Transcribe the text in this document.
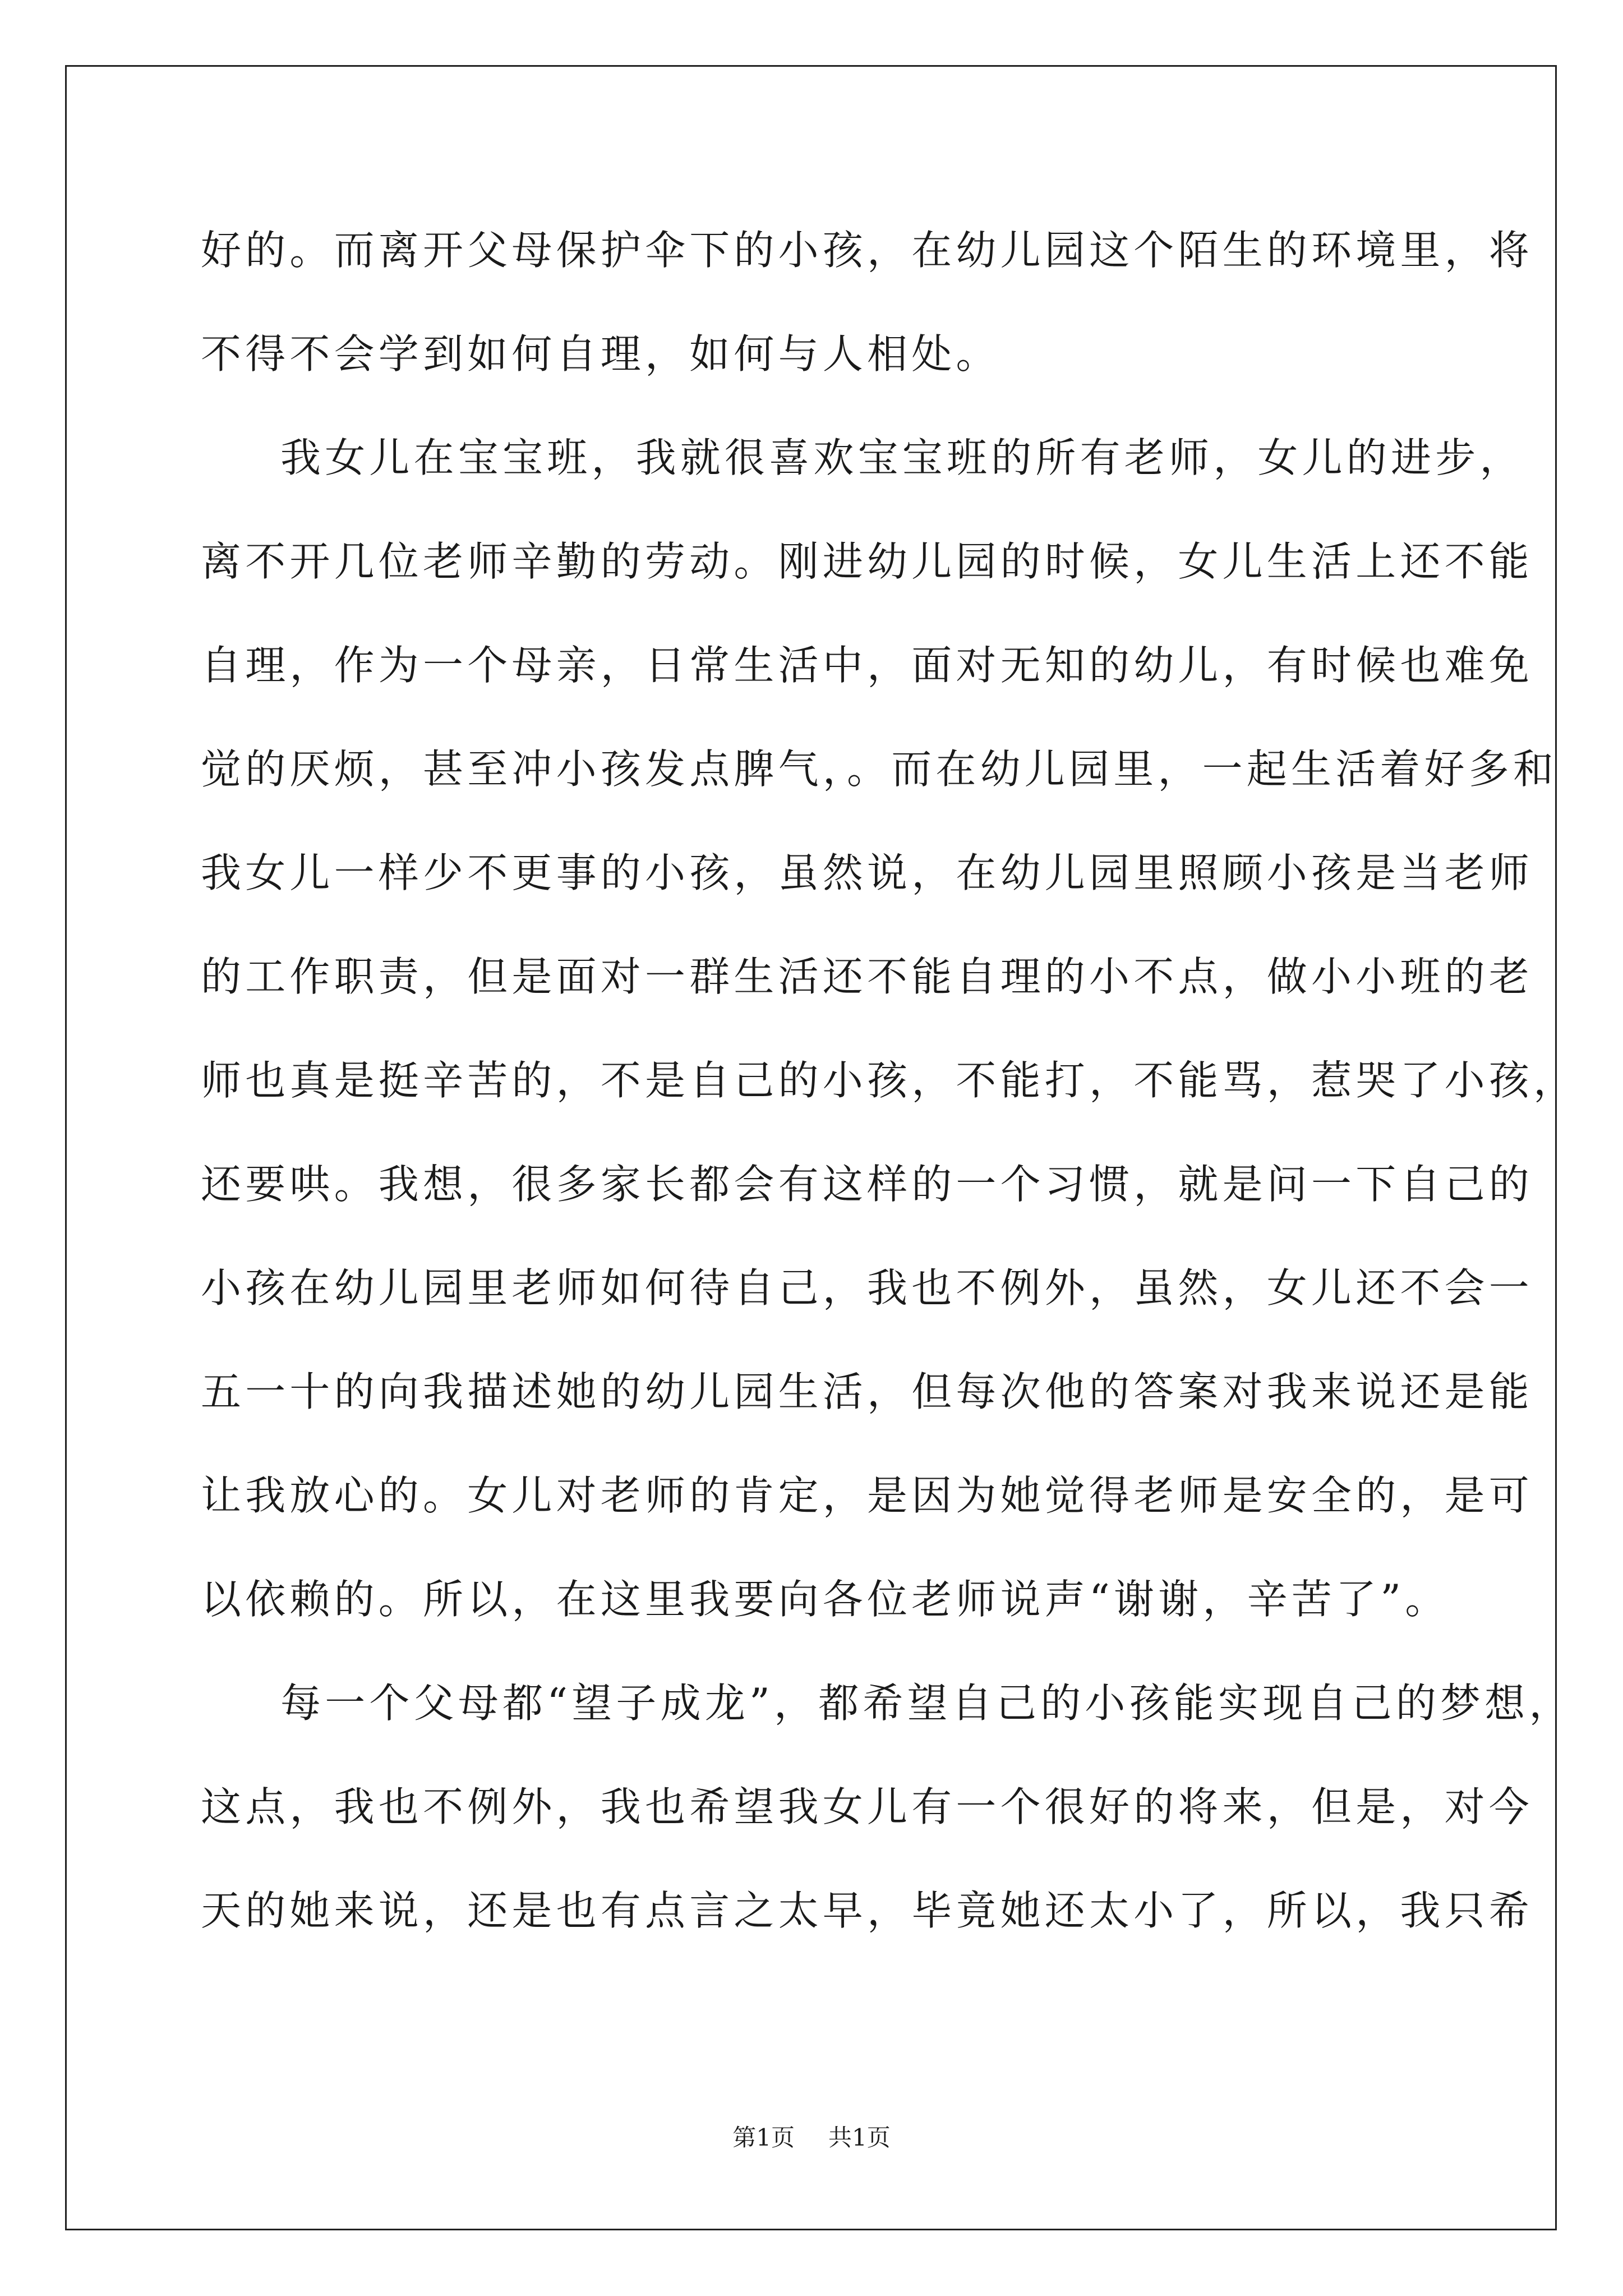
好的。而离开父母保护伞下的小孩，在幼儿园这个陌生的环境里，将
不得不会学到如何自理，如何与人相处。
我女儿在宝宝班，我就很喜欢宝宝班的所有老师，女儿的进步，
离不开几位老师辛勤的劳动。刚进幼儿园的时候，女儿生活上还不能
自理，作为一个母亲，日常生活中，面对无知的幼儿，有时候也难免
觉的厌烦，甚至冲小孩发点脾气，。而在幼儿园里，一起生活着好多和
我女儿一样少不更事的小孩，虽然说，在幼儿园里照顾小孩是当老师
的工作职责，但是面对一群生活还不能自理的小不点，做小小班的老
师也真是挺辛苦的，不是自己的小孩，不能打，不能骂，惹哭了小孩，
还要哄。我想，很多家长都会有这样的一个习惯，就是问一下自己的
小孩在幼儿园里老师如何待自己，我也不例外，虽然，女儿还不会一
五一十的向我描述她的幼儿园生活，但每次他的答案对我来说还是能
让我放心的。女儿对老师的肯定，是因为她觉得老师是安全的，是可
以依赖的。所以，在这里我要向各位老师说声“谢谢，辛苦了”。
每一个父母都“望子成龙”，都希望自己的小孩能实现自己的梦想，
这点，我也不例外，我也希望我女儿有一个很好的将来，但是，对今
天的她来说，还是也有点言之太早，毕竟她还太小了，所以，我只希
第1页 共1页
